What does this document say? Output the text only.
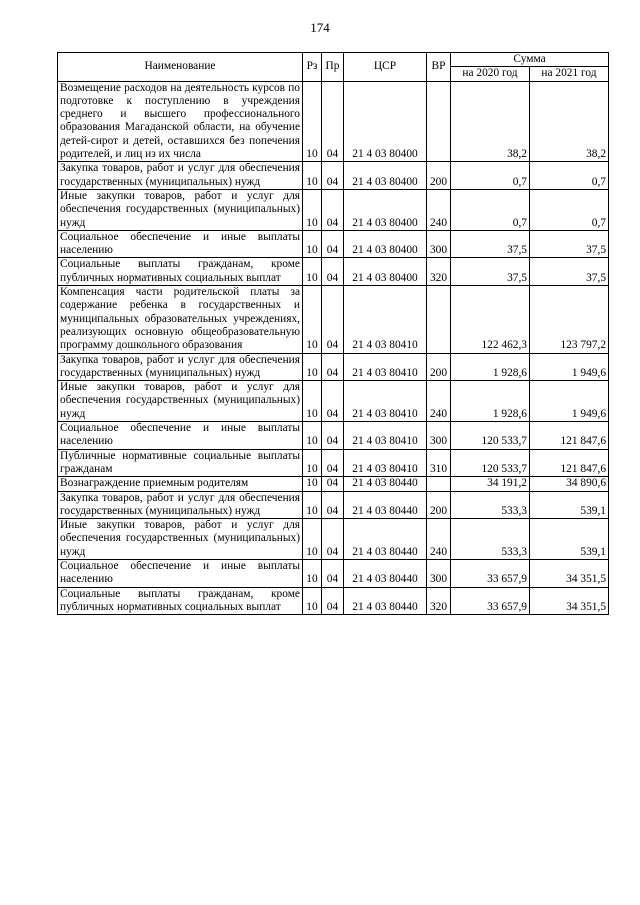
174
Наименование	Рз	Пр	ЦСР	ВР	Сумма	
					на 2020 год	на 2021 год
Возмещение расходов на деятельность курсов по подготовке к поступлению в учреждения среднего и высшего профессионального образования Магаданской области, на обучение детей-сирот и детей, оставшихся без попечения родителей, и лиц из их числа	10	04	21 4 03 80400		38,2	38,2
Закупка товаров, работ и услуг для обеспечения государственных (муниципальных) нужд	10	04	21 4 03 80400	200	0,7	0,7
Иные закупки товаров, работ и услуг для обеспечения государственных (муниципальных) нужд	10	04	21 4 03 80400	240	0,7	0,7
Социальное обеспечение и иные выплаты населению	10	04	21 4 03 80400	300	37,5	37,5
Социальные выплаты гражданам, кроме публичных нормативных социальных выплат	10	04	21 4 03 80400	320	37,5	37,5
Компенсация части родительской платы за содержание ребенка в государственных и муниципальных образовательных учреждениях, реализующих основную общеобразовательную программу дошкольного образования	10	04	21 4 03 80410		122 462,3	123 797,2
Закупка товаров, работ и услуг для обеспечения государственных (муниципальных) нужд	10	04	21 4 03 80410	200	1 928,6	1 949,6
Иные закупки товаров, работ и услуг для обеспечения государственных (муниципальных) нужд	10	04	21 4 03 80410	240	1 928,6	1 949,6
Социальное обеспечение и иные выплаты населению	10	04	21 4 03 80410	300	120 533,7	121 847,6
Публичные нормативные социальные выплаты гражданам	10	04	21 4 03 80410	310	120 533,7	121 847,6
Вознаграждение приемным родителям	10	04	21 4 03 80440		34 191,2	34 890,6
Закупка товаров, работ и услуг для обеспечения государственных (муниципальных) нужд	10	04	21 4 03 80440	200	533,3	539,1
Иные закупки товаров, работ и услуг для обеспечения государственных (муниципальных) нужд	10	04	21 4 03 80440	240	533,3	539,1
Социальное обеспечение и иные выплаты населению	10	04	21 4 03 80440	300	33 657,9	34 351,5
Социальные выплаты гражданам, кроме публичных нормативных социальных выплат	10	04	21 4 03 80440	320	33 657,9	34 351,5
